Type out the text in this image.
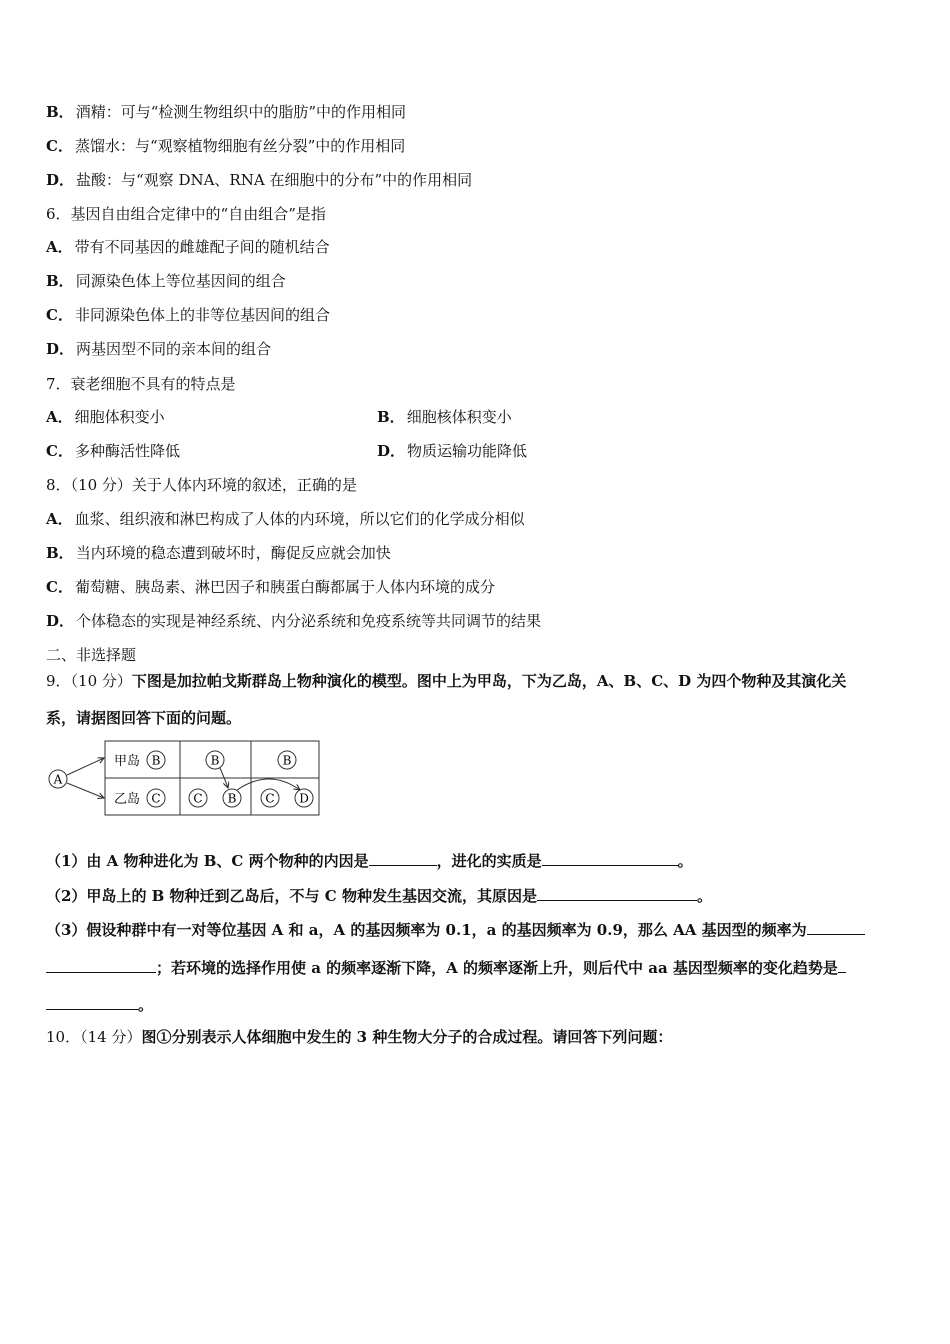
B． 酒精：可与“检测生物组织中的脂肪”中的作用相同
C． 蒸馏水：与“观察植物细胞有丝分裂”中的作用相同
D． 盐酸：与“观察 DNA、RNA 在细胞中的分布”中的作用相同
6．基因自由组合定律中的“自由组合”是指
A． 带有不同基因的雌雄配子间的随机结合
B． 同源染色体上等位基因间的组合
C． 非同源染色体上的非等位基因间的组合
D． 两基因型不同的亲本间的组合
7．衰老细胞不具有的特点是
A． 细胞体积变小	B． 细胞核体积变小
C． 多种酶活性降低	D． 物质运输功能降低
8．（10 分）关于人体内环境的叙述，正确的是
A． 血浆、组织液和淋巴构成了人体的内环境，所以它们的化学成分相似
B． 当内环境的稳态遭到破坏时，酶促反应就会加快
C． 葡萄糖、胰岛素、淋巴因子和胰蛋白酶都属于人体内环境的成分
D． 个体稳态的实现是神经系统、内分泌系统和免疫系统等共同调节的结果
二、非选择题
9．（10 分）下图是加拉帕戈斯群岛上物种演化的模型。图中上为甲岛，下为乙岛，A、B、C、D 为四个物种及其演化关
系，请据图回答下面的问题。
A
甲岛
乙岛
B
C
B
C B
B
C D
（1）由 A 物种进化为 B、C 两个物种的内因是	，进化的实质是	。
（2）甲岛上的 B 物种迁到乙岛后，不与 C 物种发生基因交流，其原因是	。
（3）假设种群中有一对等位基因 A 和 a，A 的基因频率为 0.1，a 的基因频率为 0.9，那么 AA 基因型的频率为
；若环境的选择作用使 a 的频率逐渐下降，A 的频率逐渐上升，则后代中 aa 基因型频率的变化趋势是
。
10．（14 分）图①分别表示人体细胞中发生的 3 种生物大分子的合成过程。请回答下列问题：
